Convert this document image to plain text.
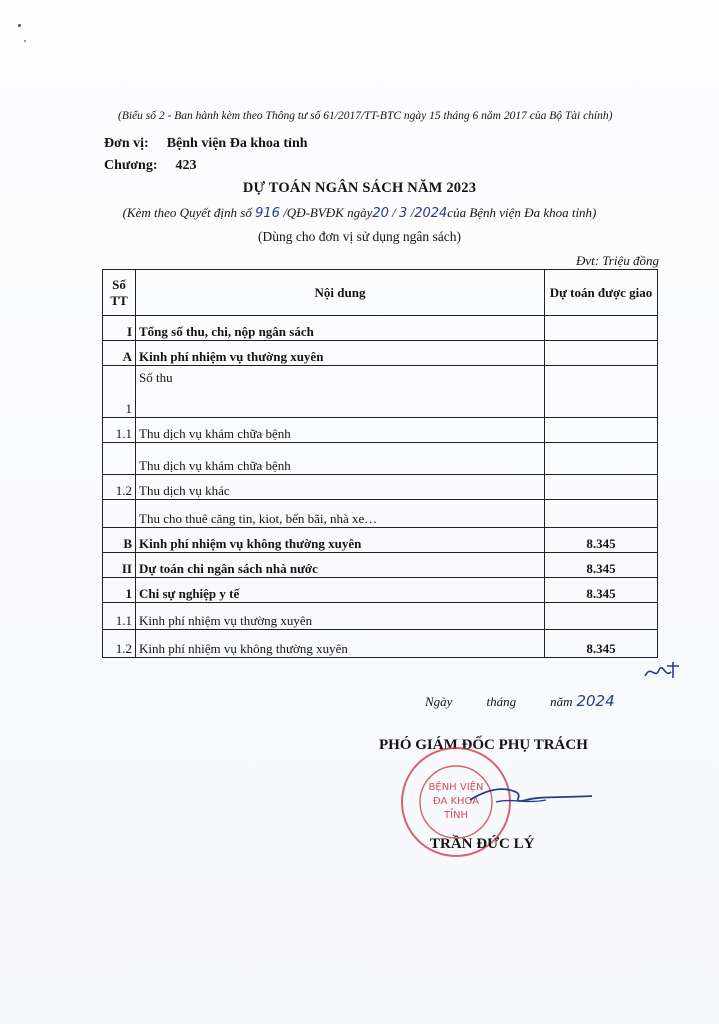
(Biểu số 2 - Ban hành kèm theo Thông tư số 61/2017/TT-BTC ngày 15 tháng 6 năm 2017 của Bộ Tài chính)
Đơn vị: Bệnh viện Đa khoa tỉnh
Chương: 423
DỰ TOÁN NGÂN SÁCH NĂM 2023
(Kèm theo Quyết định số 916 /QĐ-BVĐK ngày20 / 3 /2024của Bệnh viện Đa khoa tỉnh)
(Dùng cho đơn vị sử dụng ngân sách)
Đvt: Triệu đồng
Số TT	Nội dung	Dự toán được giao
I	Tổng số thu, chi, nộp ngân sách	
A	Kinh phí nhiệm vụ thường xuyên	
1	Số thu	
1.1	Thu dịch vụ khám chữa bệnh	
	Thu dịch vụ khám chữa bệnh	
1.2	Thu dịch vụ khác	
	Thu cho thuê căng tin, kiot, bến bãi, nhà xe…	
B	Kinh phí nhiệm vụ không thường xuyên	8.345
II	Dự toán chi ngân sách nhà nước	8.345
1	Chi sự nghiệp y tế	8.345
1.1	Kinh phí nhiệm vụ thường xuyên	
1.2	Kinh phí nhiệm vụ không thường xuyên	8.345
Ngày	tháng	năm 2024
PHÓ GIÁM ĐỐC PHỤ TRÁCH
BỆNH VIỆN
ĐA KHOA
TỈNH
TRẦN ĐỨC LÝ
